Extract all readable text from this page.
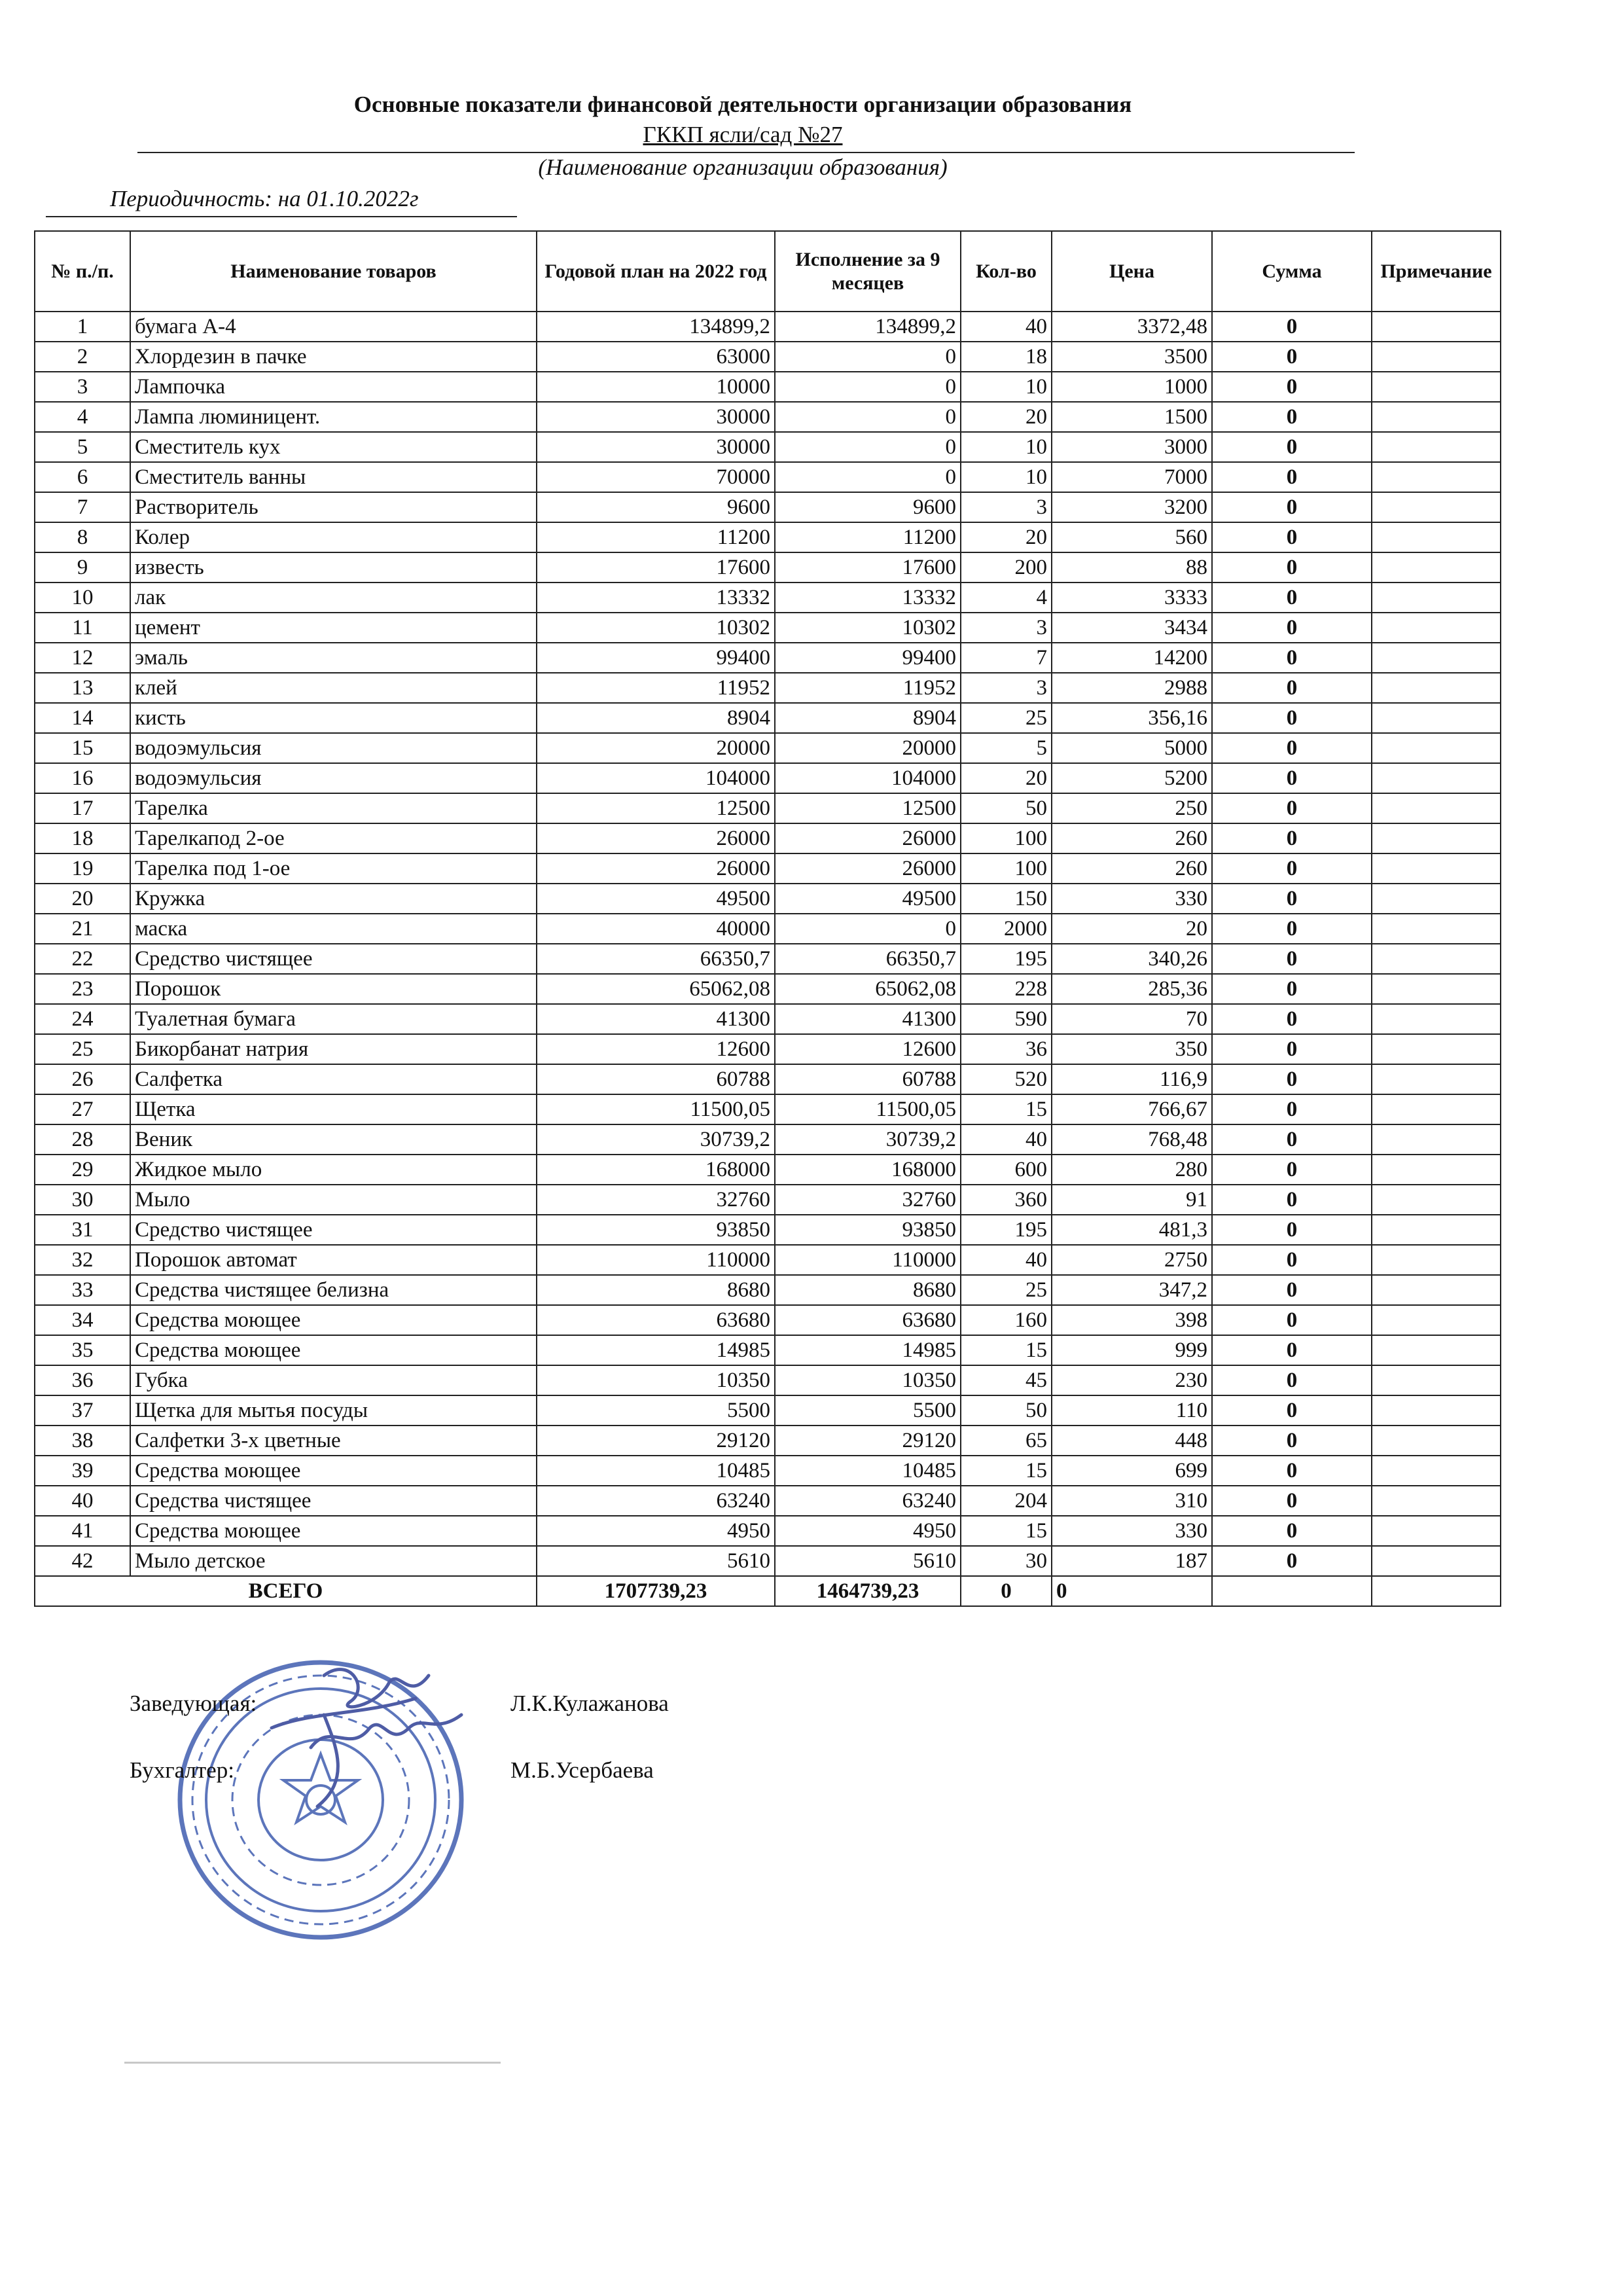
Основные показатели финансовой деятельности организации образования
ГККП ясли/сад №27
(Наименование организации образования)
Периодичность: на 01.10.2022г
№ п./п.	Наименование товаров	Годовой план на 2022 год	Исполнение за 9 месяцев	Кол-во	Цена	Сумма	Примечание
1	бумага А-4	134899,2	134899,2	40	3372,48	0	
2	Хлордезин в пачке	63000	0	18	3500	0	
3	Лампочка	10000	0	10	1000	0	
4	Лампа люминицент.	30000	0	20	1500	0	
5	Сместитель кух	30000	0	10	3000	0	
6	Сместитель ванны	70000	0	10	7000	0	
7	Растворитель	9600	9600	3	3200	0	
8	Колер	11200	11200	20	560	0	
9	известь	17600	17600	200	88	0	
10	лак	13332	13332	4	3333	0	
11	цемент	10302	10302	3	3434	0	
12	эмаль	99400	99400	7	14200	0	
13	клей	11952	11952	3	2988	0	
14	кисть	8904	8904	25	356,16	0	
15	водоэмульсия	20000	20000	5	5000	0	
16	водоэмульсия	104000	104000	20	5200	0	
17	Тарелка	12500	12500	50	250	0	
18	Тарелкапод 2-ое	26000	26000	100	260	0	
19	Тарелка под 1-ое	26000	26000	100	260	0	
20	Кружка	49500	49500	150	330	0	
21	маска	40000	0	2000	20	0	
22	Средство чистящее	66350,7	66350,7	195	340,26	0	
23	Порошок	65062,08	65062,08	228	285,36	0	
24	Туалетная бумага	41300	41300	590	70	0	
25	Бикорбанат натрия	12600	12600	36	350	0	
26	Салфетка	60788	60788	520	116,9	0	
27	Щетка	11500,05	11500,05	15	766,67	0	
28	Веник	30739,2	30739,2	40	768,48	0	
29	Жидкое мыло	168000	168000	600	280	0	
30	Мыло	32760	32760	360	91	0	
31	Средство чистящее	93850	93850	195	481,3	0	
32	Порошок автомат	110000	110000	40	2750	0	
33	Средства чистящее белизна	8680	8680	25	347,2	0	
34	Средства моющее	63680	63680	160	398	0	
35	Средства моющее	14985	14985	15	999	0	
36	Губка	10350	10350	45	230	0	
37	Щетка для мытья посуды	5500	5500	50	110	0	
38	Салфетки 3-х цветные	29120	29120	65	448	0	
39	Средства моющее	10485	10485	15	699	0	
40	Средства чистящее	63240	63240	204	310	0	
41	Средства моющее	4950	4950	15	330	0	
42	Мыло детское	5610	5610	30	187	0	
ВСЕГО		1707739,23	1464739,23	0	0		
Заведующая:	Л.К.Кулажанова
Бухгалтер:	М.Б.Усербаева
